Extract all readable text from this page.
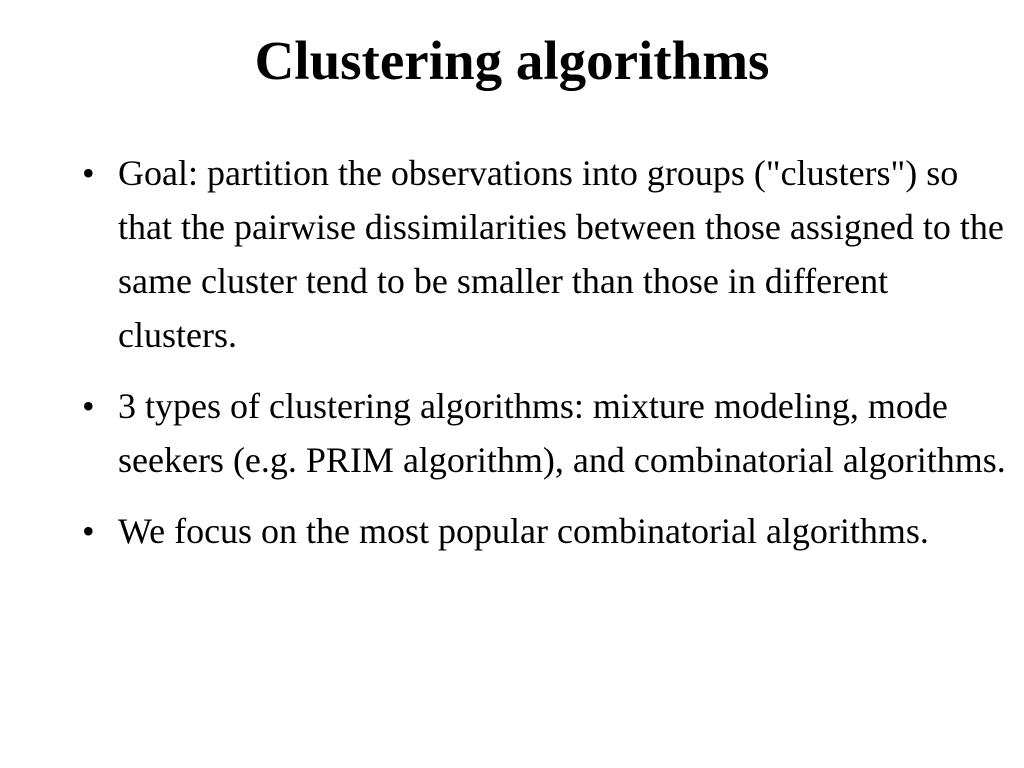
Clustering algorithms
• Goal: partition the observations into groups ("clusters") so that the pairwise dissimilarities between those assigned to the same cluster tend to be smaller than those in different clusters.
• 3 types of clustering algorithms: mixture modeling, mode seekers (e.g. PRIM algorithm), and combinatorial algorithms.
• We focus on the most popular combinatorial algorithms.
